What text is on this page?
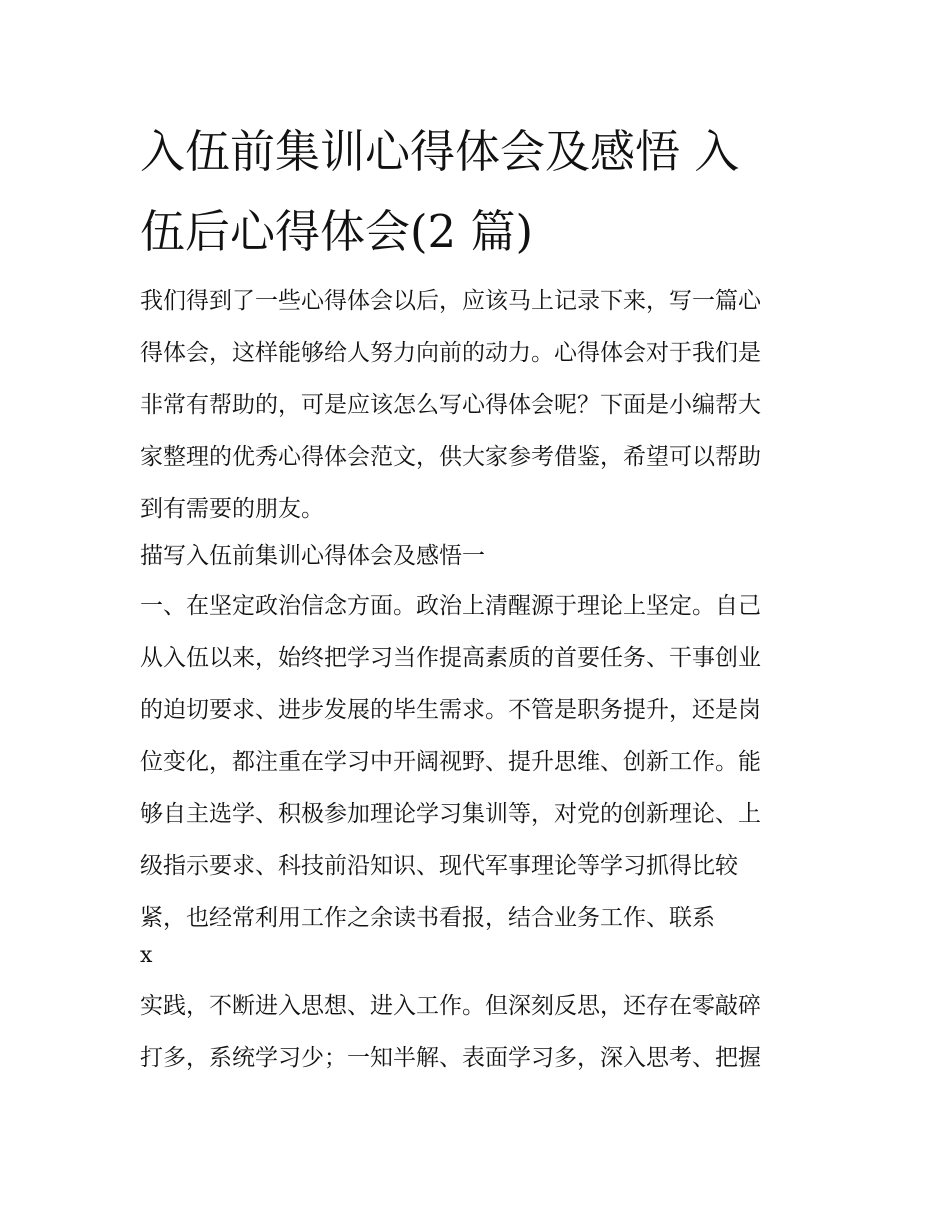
入伍前集训心得体会及感悟 入
伍后心得体会(2 篇)
我们得到了一些心得体会以后，应该马上记录下来，写一篇心
得体会，这样能够给人努力向前的动力。心得体会对于我们是
非常有帮助的，可是应该怎么写心得体会呢？下面是小编帮大
家整理的优秀心得体会范文，供大家参考借鉴，希望可以帮助
到有需要的朋友。
描写入伍前集训心得体会及感悟一
一、在坚定政治信念方面。政治上清醒源于理论上坚定。自己
从入伍以来，始终把学习当作提高素质的首要任务、干事创业
的迫切要求、进步发展的毕生需求。不管是职务提升，还是岗
位变化，都注重在学习中开阔视野、提升思维、创新工作。能
够自主选学、积极参加理论学习集训等，对党的创新理论、上
级指示要求、科技前沿知识、现代军事理论等学习抓得比较
紧，也经常利用工作之余读书看报，结合业务工作、联系
x
实践，不断进入思想、进入工作。但深刻反思，还存在零敲碎
打多，系统学习少；一知半解、表面学习多，深入思考、把握
